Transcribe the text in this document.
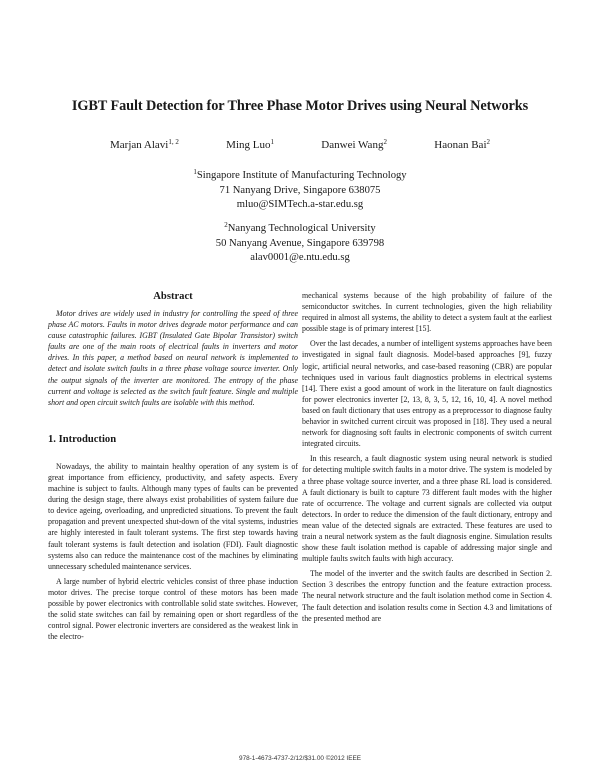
IGBT Fault Detection for Three Phase Motor Drives using Neural Networks
Marjan Alavi$^{1, 2}$	Ming Luo$^1$	Danwei Wang$^2$	Haonan Bai$^2$
$^1$Singapore Institute of Manufacturing Technology
71 Nanyang Drive, Singapore 638075
mluo@SIMTech.a-star.edu.sg
$^2$Nanyang Technological University
50 Nanyang Avenue, Singapore 639798
alav0001@e.ntu.edu.sg
Abstract

Motor drives are widely used in industry for controlling the speed of three phase AC motors. Faults in motor drives degrade motor performance and can cause catastrophic failures. IGBT (Insulated Gate Bipolar Transistor) switch faults are one of the main roots of electrical faults in inverters and motor drives. In this paper, a method based on neural network is implemented to detect and isolate switch faults in a three phase voltage source inverter. Only the output signals of the inverter are monitored. The entropy of the phase current and voltage is selected as the switch fault feature. Single and multiple short and open circuit switch faults are isolable with this method.

1. Introduction

Nowadays, the ability to maintain healthy operation of any system is of great importance from efficiency, productivity, and safety aspects. Every machine is subject to faults. Although many types of faults can be prevented during the design stage, there always exist probabilities of system failure due to device ageing, overloading, and unpredicted situations. To prevent the fault propagation and prevent unexpected shut-down of the vital systems, industries are highly interested in fault tolerant systems. The first step towards having fault tolerant systems is fault detection and isolation (FDI). Fault diagnostic systems also can reduce the maintenance cost of the machines by eliminating unnecessary scheduled maintenance services.

A large number of hybrid electric vehicles consist of three phase induction motor drives. The precise torque control of these motors has been made possible by power electronics with controllable solid state switches. However, the solid state switches can fail by remaining open or short regardless of the control signal. Power electronic inverters are considered as the weakest link in the electro-

mechanical systems because of the high probability of failure of the semiconductor switches. In current technologies, given the high reliability required in almost all systems, the ability to detect a system fault at the earliest possible stage is of primary interest [15].

Over the last decades, a number of intelligent systems approaches have been investigated in signal fault diagnosis. Model-based approaches [9], fuzzy logic, artificial neural networks, and case-based reasoning (CBR) are popular techniques used in various fault diagnostics problems in electrical systems [14]. There exist a good amount of work in the literature on fault diagnostics for power electronics inverter [2, 13, 8, 3, 5, 12, 16, 10, 4]. A novel method based on fault dictionary that uses entropy as a preprocessor to diagnose faulty behavior in switched current circuit was proposed in [18]. They used a neural network for diagnosing soft faults in electronic components of switch current integrated circuits.

In this research, a fault diagnostic system using neural network is studied for detecting multiple switch faults in a motor drive. The system is modeled by a three phase voltage source inverter, and a three phase RL load is considered. A fault dictionary is built to capture 73 different fault modes with the higher rate of occurrence. The voltage and current signals are collected via output detectors. In order to reduce the dimension of the fault dictionary, entropy and mean value of the detected signals are extracted. These features are used to train a neural network system as the fault diagnosis engine. Simulation results show these fault isolation method is capable of addressing major single and multiple faults switch faults with high accuracy.

The model of the inverter and the switch faults are described in Section 2. Section 3 describes the entropy function and the feature extraction process. The neural network structure and the fault isolation method come in Section 4. The fault detection and isolation results come in Section 4.3 and limitations of the presented method are

978-1-4673-4737-2/12/$31.00 ©2012 IEEE
